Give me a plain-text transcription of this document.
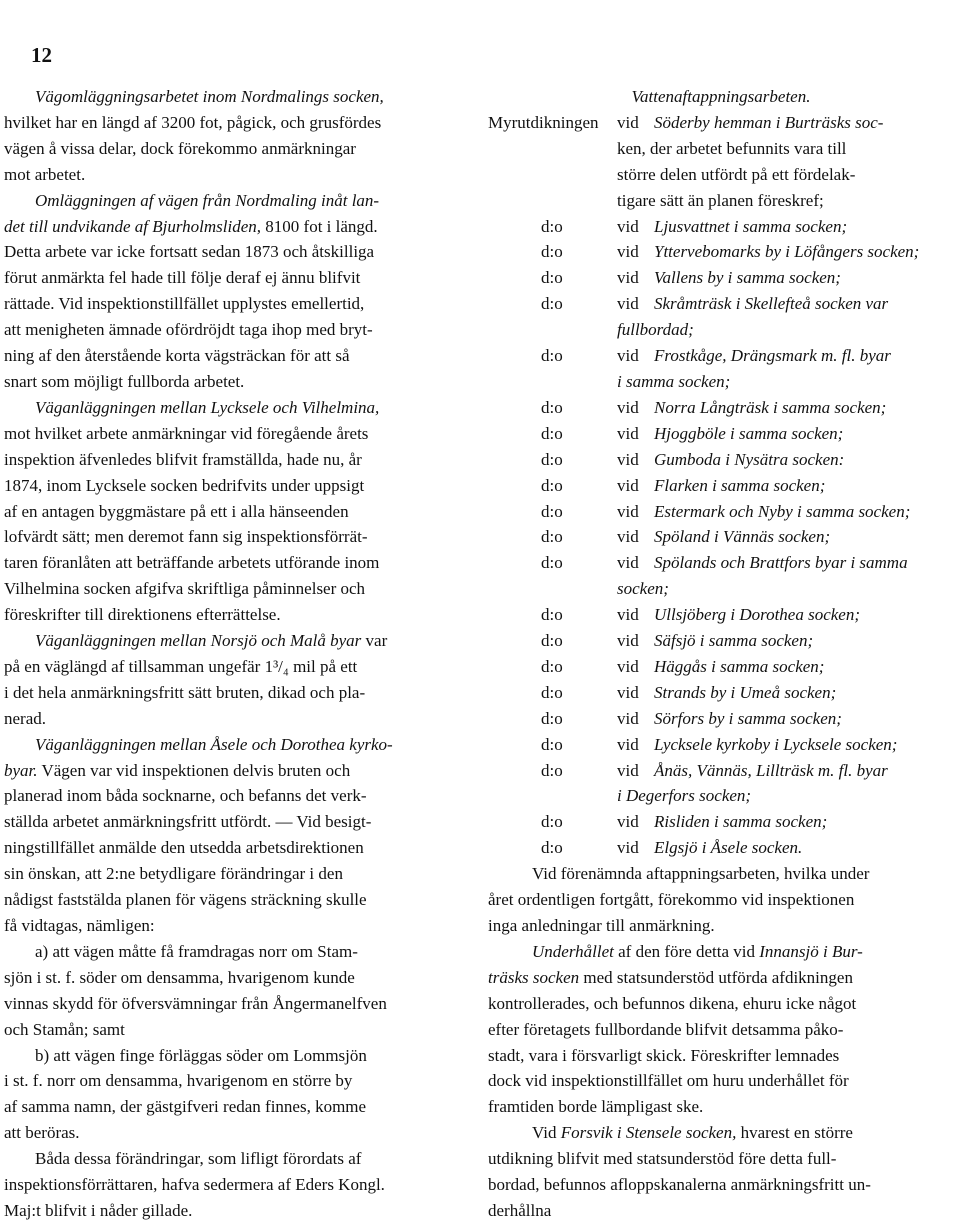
12
Vägomläggningsarbetet inom Nordmalings socken,
hvilket har en längd af 3200 fot, pågick, och grusfördes
vägen å vissa delar, dock förekommo anmärkningar
mot arbetet.
Omläggningen af vägen från Nordmaling inåt lan-
det till undvikande af Bjurholmsliden, 8100 fot i längd.
Detta arbete var icke fortsatt sedan 1873 och åtskilliga
förut anmärkta fel hade till följe deraf ej ännu blifvit
rättade. Vid inspektionstillfället upplystes emellertid,
att menigheten ämnade ofördröjdt taga ihop med bryt-
ning af den återstående korta vägsträckan för att så
snart som möjligt fullborda arbetet.
Väganläggningen mellan Lycksele och Vilhelmina,
mot hvilket arbete anmärkningar vid föregående årets
inspektion äfvenledes blifvit framställda, hade nu, år
1874, inom Lycksele socken bedrifvits under uppsigt
af en antagen byggmästare på ett i alla hänseenden
lofvärdt sätt; men deremot fann sig inspektionsförrät-
taren föranlåten att beträffande arbetets utförande inom
Vilhelmina socken afgifva skriftliga påminnelser och
föreskrifter till direktionens efterrättelse.
Väganläggningen mellan Norsjö och Malå byar var
på en väglängd af tillsamman ungefär 1³/₄ mil på ett
i det hela anmärkningsfritt sätt bruten, dikad och pla-
nerad.
Väganläggningen mellan Åsele och Dorothea kyrko-
byar. Vägen var vid inspektionen delvis bruten och
planerad inom båda socknarne, och befanns det verk-
ställda arbetet anmärkningsfritt utfördt. — Vid besigt-
ningstillfället anmälde den utsedda arbetsdirektionen
sin önskan, att 2:ne betydligare förändringar i den
nådigst faststälda planen för vägens sträckning skulle
få vidtagas, nämligen:
a) att vägen måtte få framdragas norr om Stam-
sjön i st. f. söder om densamma, hvarigenom kunde
vinnas skydd för öfversvämningar från Ångermanelfven
och Stamån; samt
b) att vägen finge förläggas söder om Lommsjön
i st. f. norr om densamma, hvarigenom en större by
af samma namn, der gästgifveri redan finnes, komme
att beröras.
Båda dessa förändringar, som lifligt förordats af
inspektionsförrättaren, hafva sedermera af Eders Kongl.
Maj:t blifvit i nåder gillade.
Vattenaftappningsarbeten.
Myrutdikningen	vid Söderby hemman i Burträsks soc-
ken, der arbetet befunnits vara till
större delen utfördt på ett fördelak-
tigare sätt än planen föreskref;
d:o	vid Ljusvattnet i samma socken;
d:o	vid Yttervebomarks by i Löfångers socken;
d:o	vid Vallens by i samma socken;
d:o	vid Skråmträsk i Skellefteå socken var
fullbordad;
d:o	vid Frostkåge, Drängsmark m. fl. byar
i samma socken;
d:o	vid Norra Långträsk i samma socken;
d:o	vid Hjoggböle i samma socken;
d:o	vid Gumboda i Nysätra socken:
d:o	vid Flarken i samma socken;
d:o	vid Estermark och Nyby i samma socken;
d:o	vid Spöland i Vännäs socken;
d:o	vid Spölands och Brattfors byar i samma
socken;
d:o	vid Ullsjöberg i Dorothea socken;
d:o	vid Säfsjö i samma socken;
d:o	vid Häggås i samma socken;
d:o	vid Strands by i Umeå socken;
d:o	vid Sörfors by i samma socken;
d:o	vid Lycksele kyrkoby i Lycksele socken;
d:o	vid Ånäs, Vännäs, Lillträsk m. fl. byar
i Degerfors socken;
d:o	vid Risliden i samma socken;
d:o	vid Elgsjö i Åsele socken.
Vid förenämnda aftappningsarbeten, hvilka under
året ordentligen fortgått, förekommo vid inspektionen
inga anledningar till anmärkning.
Underhållet af den före detta vid Innansjö i Bur-
träsks socken med statsunderstöd utförda afdikningen
kontrollerades, och befunnos dikena, ehuru icke något
efter företagets fullbordande blifvit detsamma påko-
stadt, vara i försvarligt skick. Föreskrifter lemnades
dock vid inspektionstillfället om huru underhållet för
framtiden borde lämpligast ske.
Vid Forsvik i Stensele socken, hvarest en större
utdikning blifvit med statsunderstöd före detta full-
bordad, befunnos afloppskanalerna anmärkningsfritt un-
derhållna
